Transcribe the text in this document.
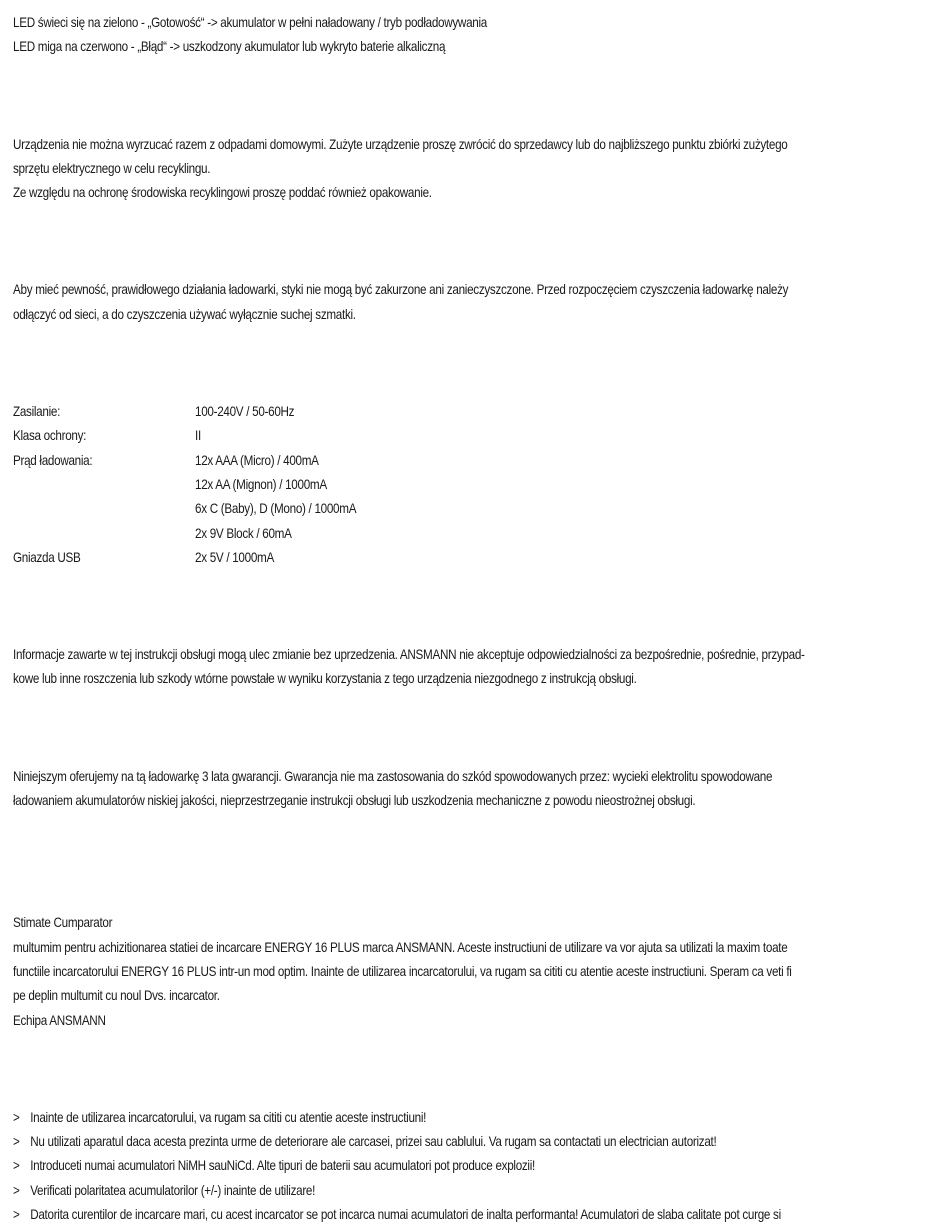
LED świeci się na zielono - „Gotowość“ -> akumulator w pełni naładowany / tryb podładowywania
LED miga na czerwono - „Błąd“ -> uszkodzony akumulator lub wykryto baterie alkaliczną
Urządzenia nie można wyrzucać razem z odpadami domowymi. Zużyte urządzenie proszę zwrócić do sprzedawcy lub do najbliższego punktu zbiórki zużytego
sprzętu elektrycznego w celu recyklingu.
Ze względu na ochronę środowiska recyklingowi proszę poddać również opakowanie.
Aby mieć pewność, prawidłowego działania ładowarki, styki nie mogą być zakurzone ani zanieczyszczone. Przed rozpoczęciem czyszczenia ładowarkę należy
odłączyć od sieci, a do czyszczenia używać wyłącznie suchej szmatki.
Zasilanie:	100-240V / 50-60Hz
Klasa ochrony:	II
Prąd ładowania:	12x AAA (Micro) / 400mA
12x AA (Mignon) / 1000mA
6x C (Baby), D (Mono) / 1000mA
2x 9V Block / 60mA
Gniazda USB	2x 5V / 1000mA
Informacje zawarte w tej instrukcji obsługi mogą ulec zmianie bez uprzedzenia. ANSMANN nie akceptuje odpowiedzialności za bezpośrednie, pośrednie, przypad-
kowe lub inne roszczenia lub szkody wtórne powstałe w wyniku korzystania z tego urządzenia niezgodnego z instrukcją obsługi.
Niniejszym oferujemy na tą ładowarkę 3 lata gwarancji. Gwarancja nie ma zastosowania do szkód spowodowanych przez: wycieki elektrolitu spowodowane
ładowaniem akumulatorów niskiej jakości, nieprzestrzeganie instrukcji obsługi lub uszkodzenia mechaniczne z powodu nieostrożnej obsługi.
Stimate Cumparator
multumim pentru achizitionarea statiei de incarcare ENERGY 16 PLUS marca ANSMANN. Aceste instructiuni de utilizare va vor ajuta sa utilizati la maxim toate
functiile incarcatorului ENERGY 16 PLUS intr-un mod optim. Inainte de utilizarea incarcatorului, va rugam sa cititi cu atentie aceste instructiuni. Speram ca veti fi
pe deplin multumit cu noul Dvs. incarcator.
Echipa ANSMANN
> Inainte de utilizarea incarcatorului, va rugam sa cititi cu atentie aceste instructiuni!
> Nu utilizati aparatul daca acesta prezinta urme de deteriorare ale carcasei, prizei sau cablului. Va rugam sa contactati un electrician autorizat!
> Introduceti numai acumulatori NiMH sauNiCd. Alte tipuri de baterii sau acumulatori pot produce explozii!
> Verificati polaritatea acumulatorilor (+/-) inainte de utilizare!
> Datorita curentilor de incarcare mari, cu acest incarcator se pot incarca numai acumulatori de inalta performanta! Acumulatori de slaba calitate pot curge si
